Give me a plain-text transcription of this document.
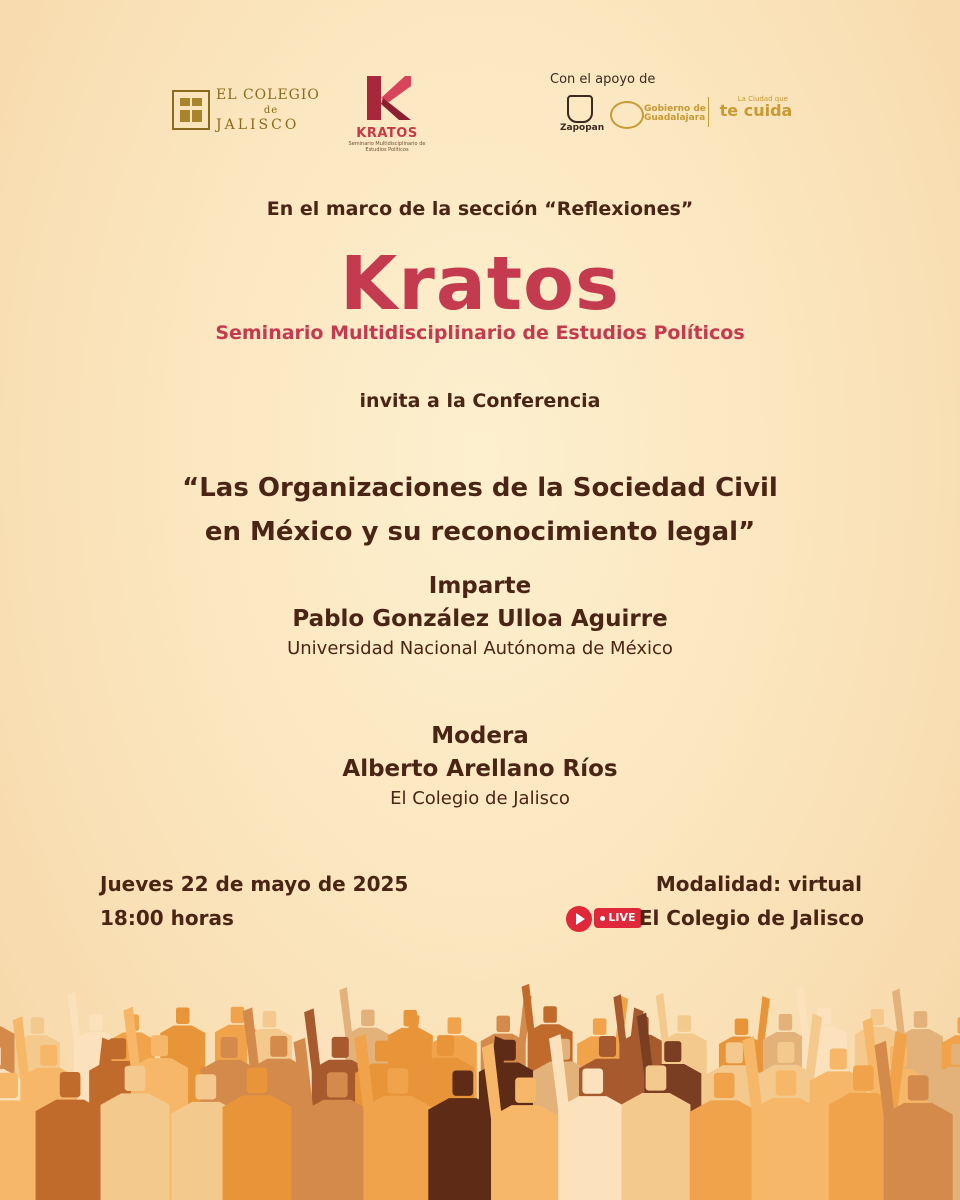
EL COLEGIO
de
JALISCO
KRATOS
Seminario Multidisciplinario de Estudios Políticos
Con el apoyo de
Zapopan
Gobierno de Guadalajara
La Ciudad que
te cuida
En el marco de la sección “Reflexiones”
Kratos
Seminario Multidisciplinario de Estudios Políticos
invita a la Conferencia
“Las Organizaciones de la Sociedad Civil
en México y su reconocimiento legal”
Imparte
Pablo González Ulloa Aguirre
Universidad Nacional Autónoma de México
Modera
Alberto Arellano Ríos
El Colegio de Jalisco
Jueves 22 de mayo de 2025
18:00 horas
Modalidad: virtual
LIVE El Colegio de Jalisco
